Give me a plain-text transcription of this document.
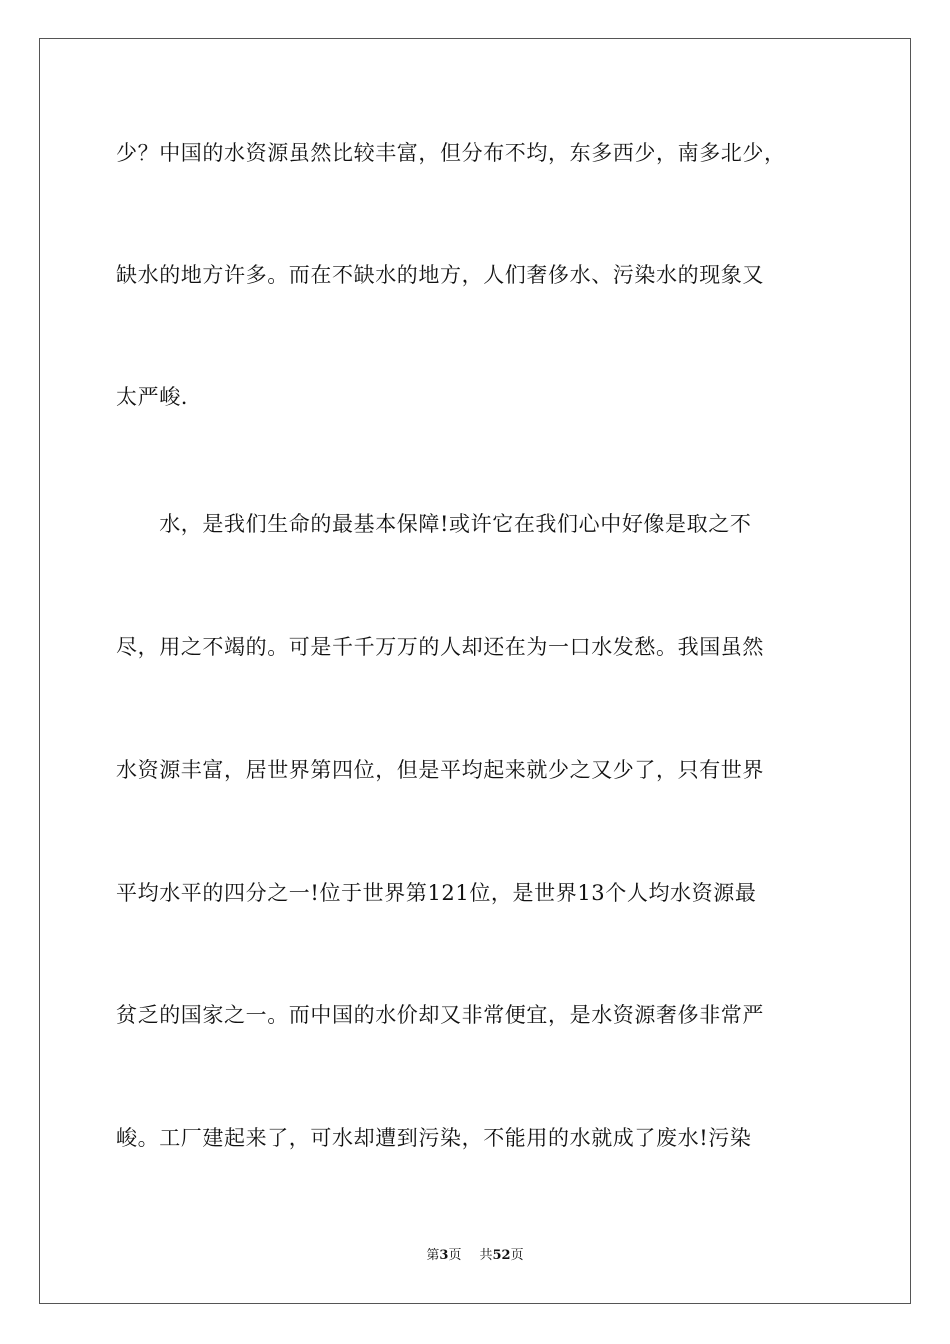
少？中国的水资源虽然比较丰富，但分布不均，东多西少，南多北少，
缺水的地方许多。而在不缺水的地方，人们奢侈水、污染水的现象又
太严峻.
　　水，是我们生命的最基本保障!或许它在我们心中好像是取之不
尽，用之不竭的。可是千千万万的人却还在为一口水发愁。我国虽然
水资源丰富，居世界第四位，但是平均起来就少之又少了，只有世界
平均水平的四分之一!位于世界第121位，是世界13个人均水资源最
贫乏的国家之一。而中国的水价却又非常便宜，是水资源奢侈非常严
峻。工厂建起来了，可水却遭到污染，不能用的水就成了废水!污染
第3页 共52页
